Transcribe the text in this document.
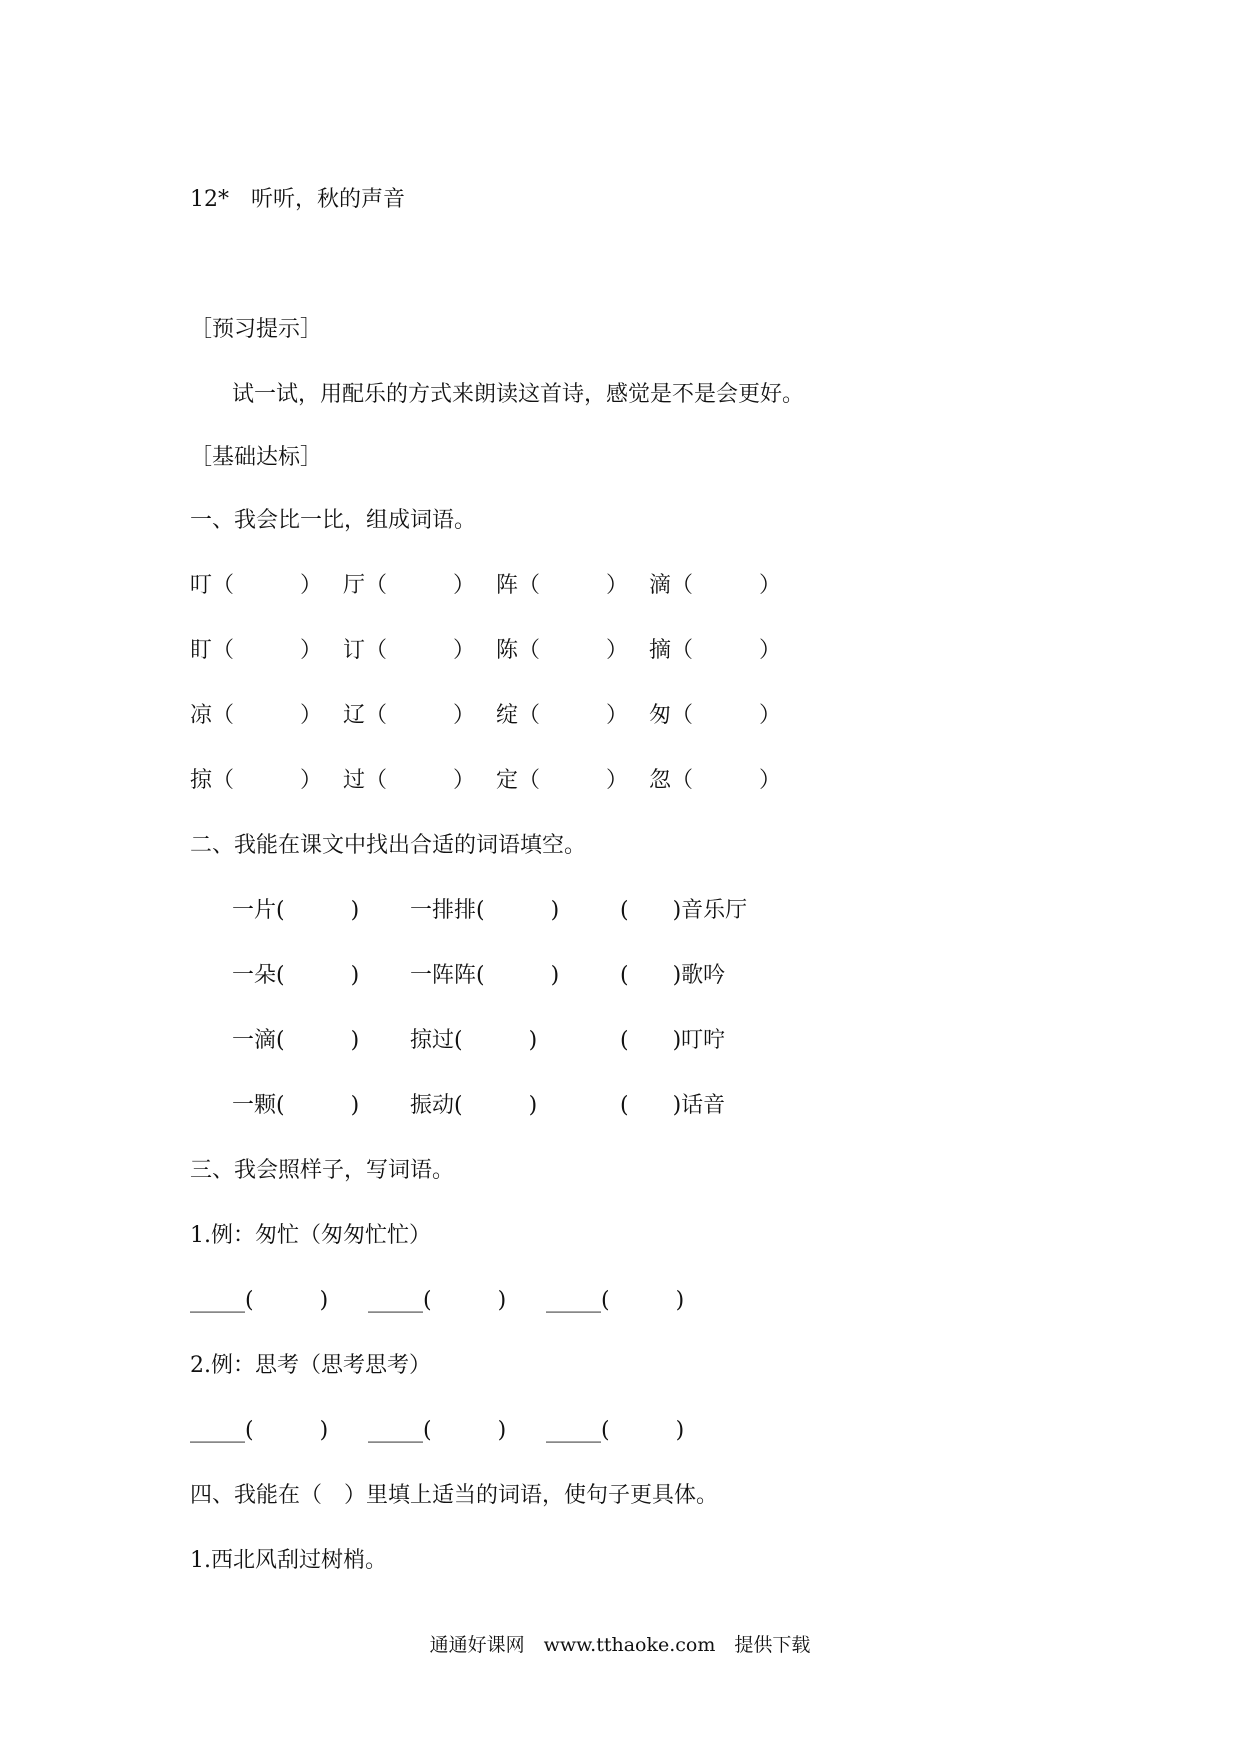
12*　听听，秋的声音
［预习提示］
试一试，用配乐的方式来朗读这首诗，感觉是不是会更好。
［基础达标］
一、我会比一比，组成词语。
叮（　　　） 厅（　　　） 阵（　　　） 滴（　　　）
盯（　　　） 订（　　　） 陈（　　　） 摘（　　　）
凉（　　　） 辽（　　　） 绽（　　　） 匆（　　　）
掠（　　　） 过（　　　） 定（　　　） 忽（　　　）
二、我能在课文中找出合适的词语填空。
一片(　　　) 一排排(　　　)	(　　)音乐厅
一朵(　　　) 一阵阵(　　　)	(　　)歌吟
一滴(　　　) 掠过(　　　)	(　　)叮咛
一颗(　　　) 振动(　　　)	(　　)话音
三、我会照样子，写词语。
1.例：匆忙（匆匆忙忙）
_____(　　　) _____(　　　) _____(　　　)
2.例：思考（思考思考）
_____(　　　) _____(　　　) _____(　　　)
四、我能在（　）里填上适当的词语，使句子更具体。
1.西北风刮过树梢。
通通好课网　www.tthaoke.com　提供下载
